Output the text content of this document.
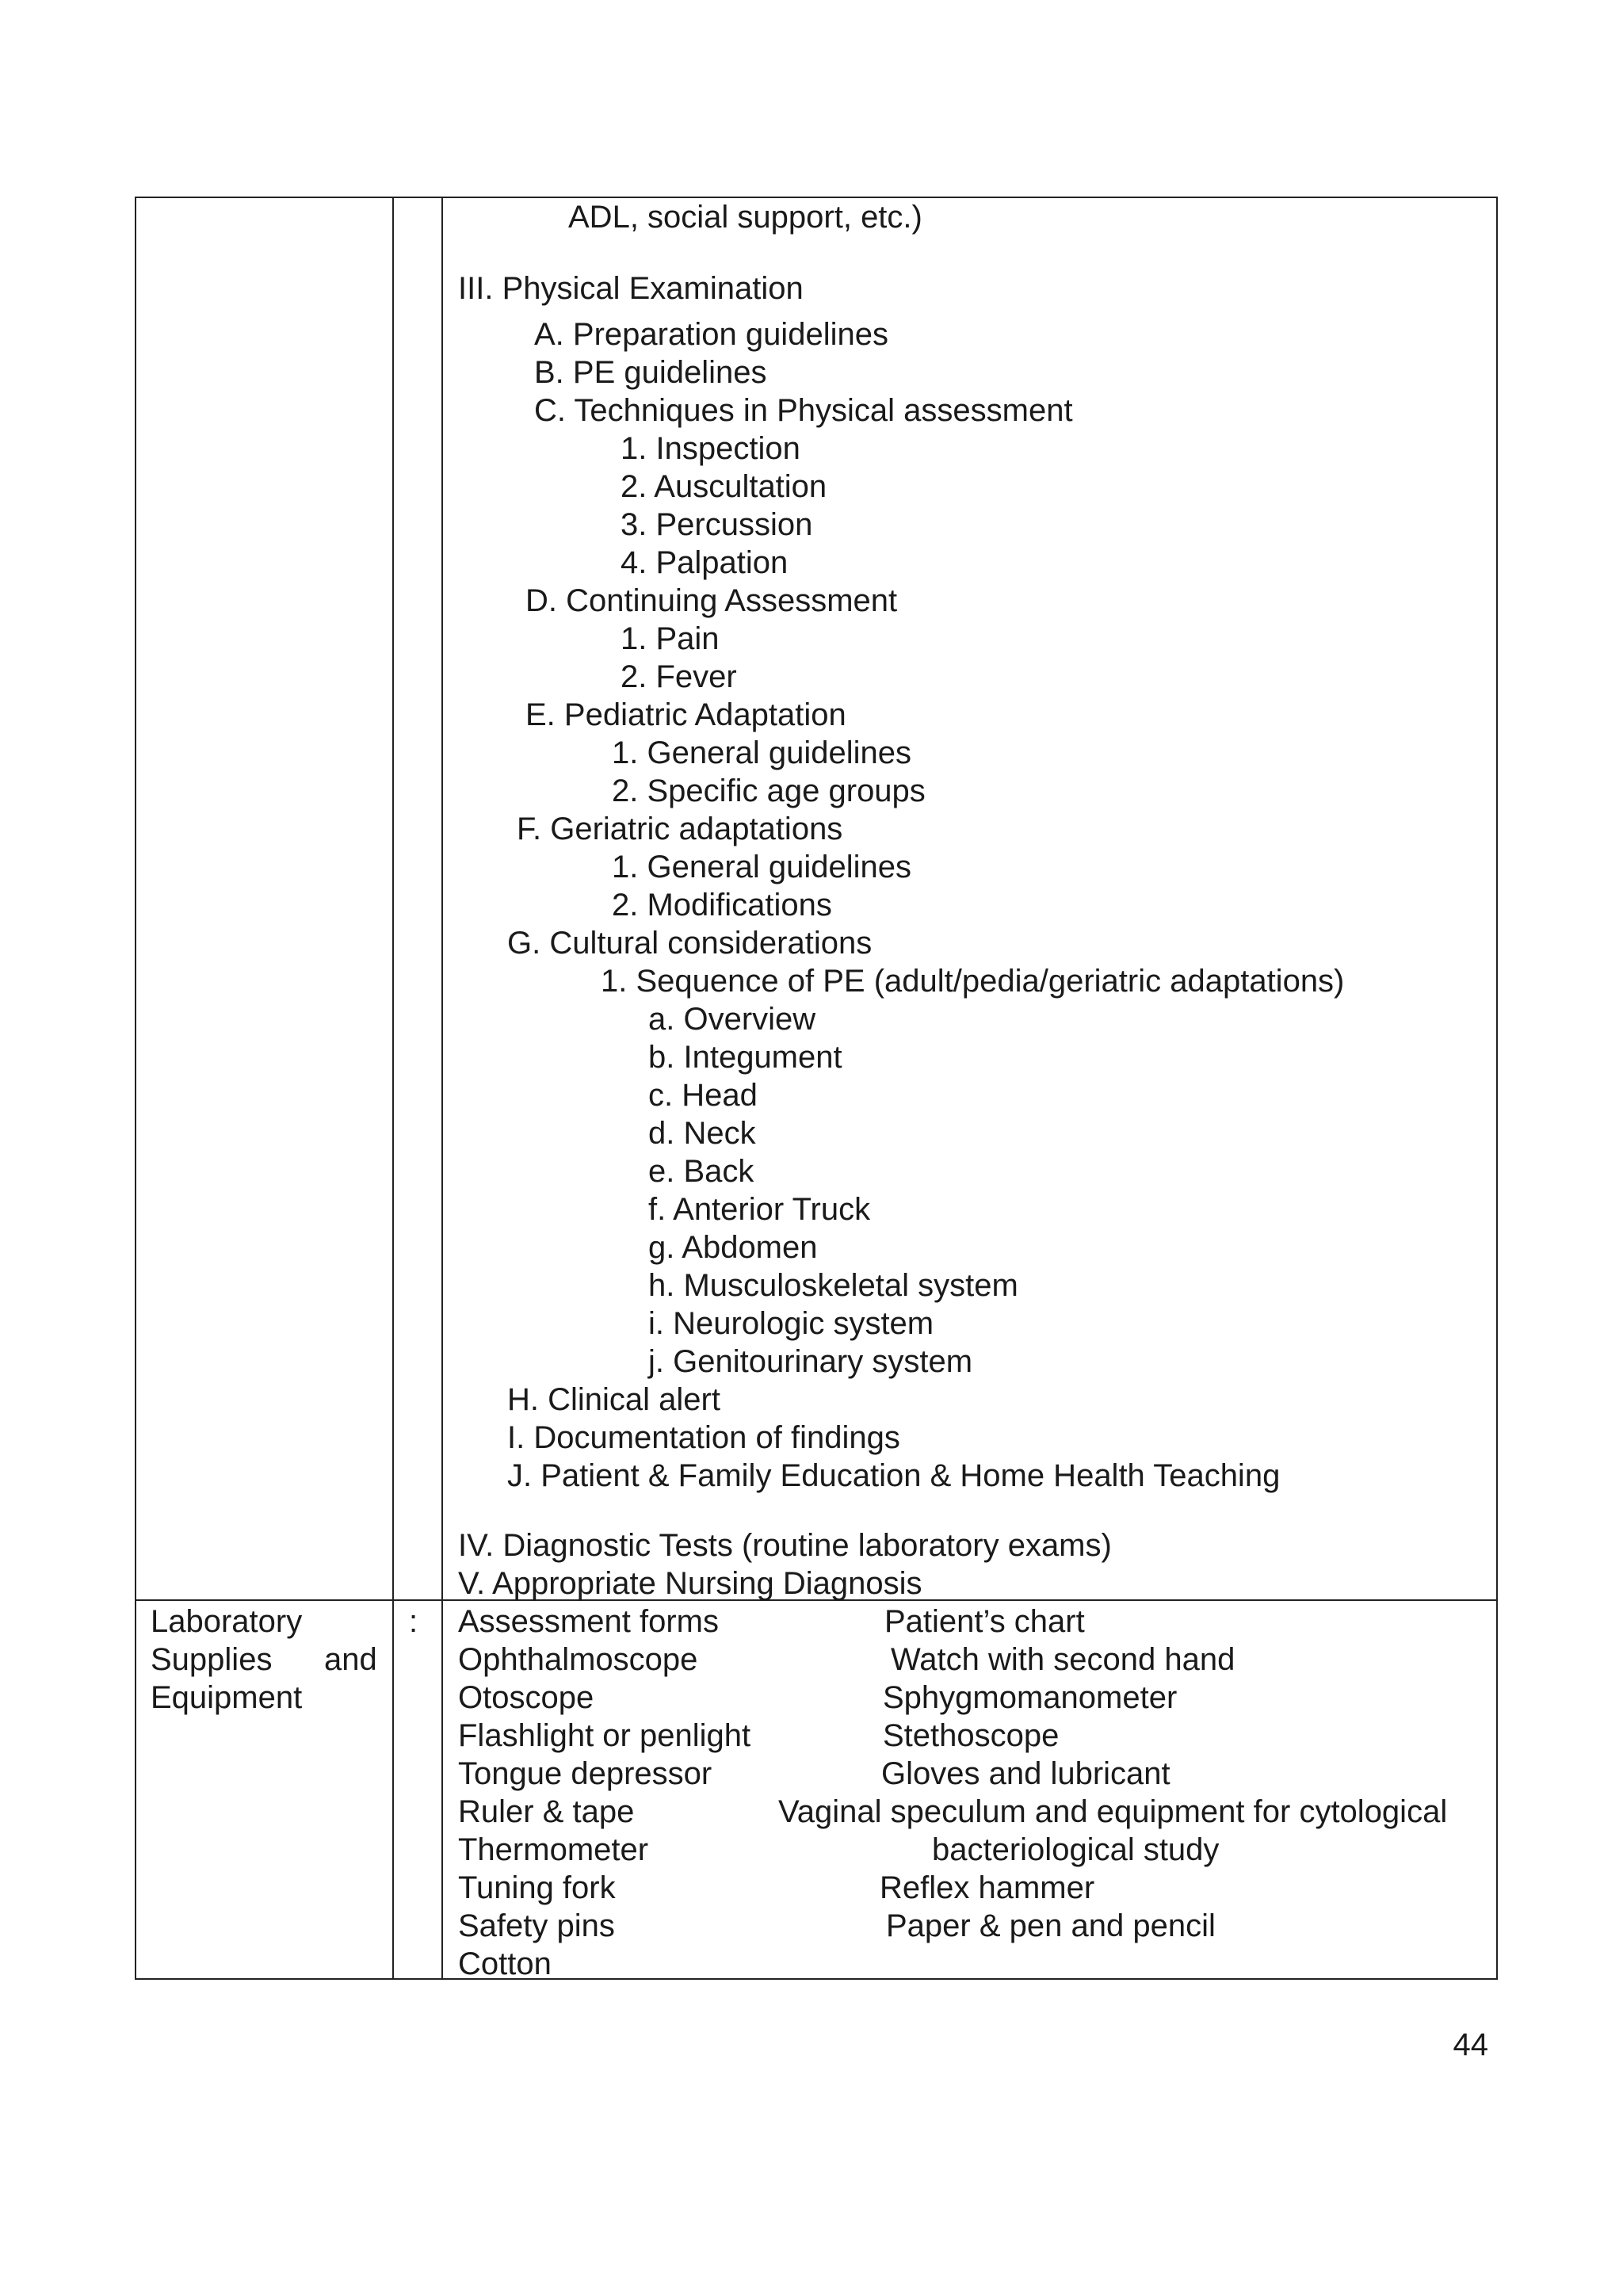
ADL, social support, etc.)
III. Physical Examination
A. Preparation guidelines
B. PE guidelines
C. Techniques in Physical assessment
1. Inspection
2. Auscultation
3. Percussion
4. Palpation
D. Continuing Assessment
1. Pain
2. Fever
E. Pediatric Adaptation
1. General guidelines
2. Specific age groups
F. Geriatric adaptations
1. General guidelines
2. Modifications
G. Cultural considerations
1. Sequence of PE (adult/pedia/geriatric adaptations)
a. Overview
b. Integument
c. Head
d. Neck
e. Back
f. Anterior Truck
g. Abdomen
h. Musculoskeletal system
i. Neurologic system
j. Genitourinary system
H. Clinical alert
I. Documentation of findings
J. Patient & Family Education & Home Health Teaching
IV. Diagnostic Tests (routine laboratory exams)
V. Appropriate Nursing Diagnosis
Laboratory
Supplies and
Equipment
: Assessment forms
Ophthalmoscope
Otoscope
Flashlight or penlight
Tongue depressor
Ruler & tape
Thermometer
Tuning fork
Safety pins
Cotton
Patient’s chart
Watch with second hand
Sphygmomanometer
Stethoscope
Gloves and lubricant
Vaginal speculum and equipment for cytological
bacteriological study
Reflex hammer
Paper & pen and pencil
44
